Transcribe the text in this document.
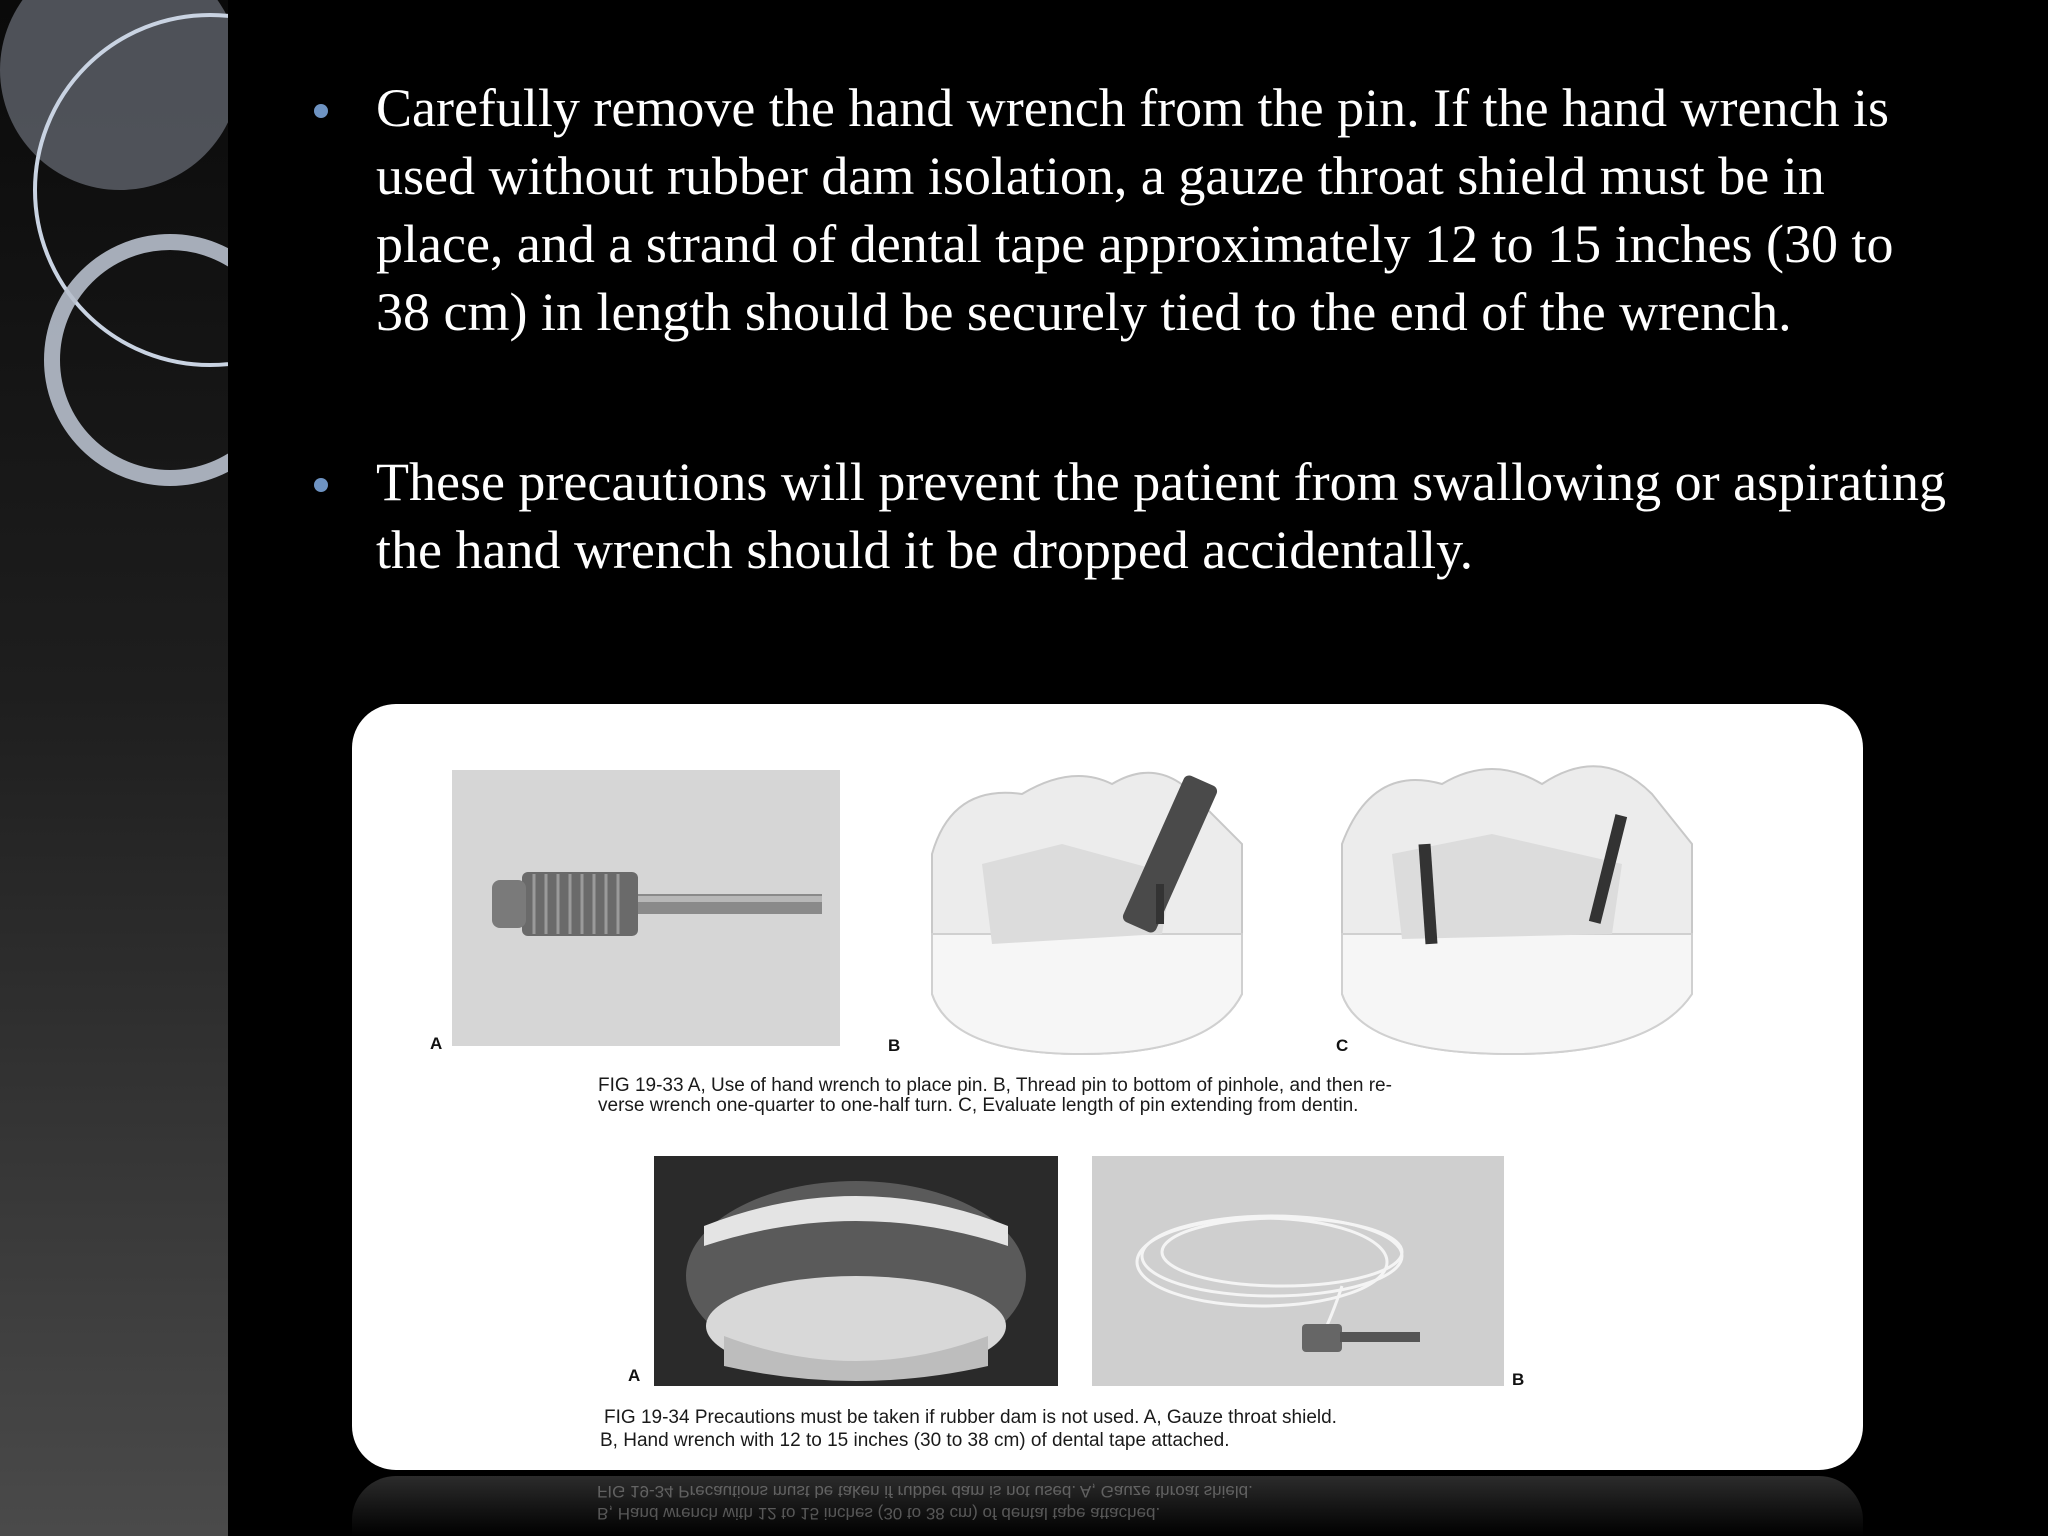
Carefully remove the hand wrench from the pin. If the hand wrench is used without rubber dam isolation, a gauze throat shield must be in place, and a strand of dental tape approximately 12 to 15 inches (30 to 38 cm) in length should be securely tied to the end of the wrench.
These precautions will prevent the patient from swallowing or aspirating the hand wrench should it be dropped accidentally.
A	B	C
FIG 19-33 A, Use of hand wrench to place pin. B, Thread pin to bottom of pinhole, and then re-
verse wrench one-quarter to one-half turn. C, Evaluate length of pin extending from dentin.
A	B
FIG 19-34 Precautions must be taken if rubber dam is not used. A, Gauze throat shield.
B, Hand wrench with 12 to 15 inches (30 to 38 cm) of dental tape attached.
B, Hand wrench with 12 to 15 inches (30 to 38 cm) of dental tape attached.
FIG 19-34 Precautions must be taken if rubber dam is not used. A, Gauze throat shield.
